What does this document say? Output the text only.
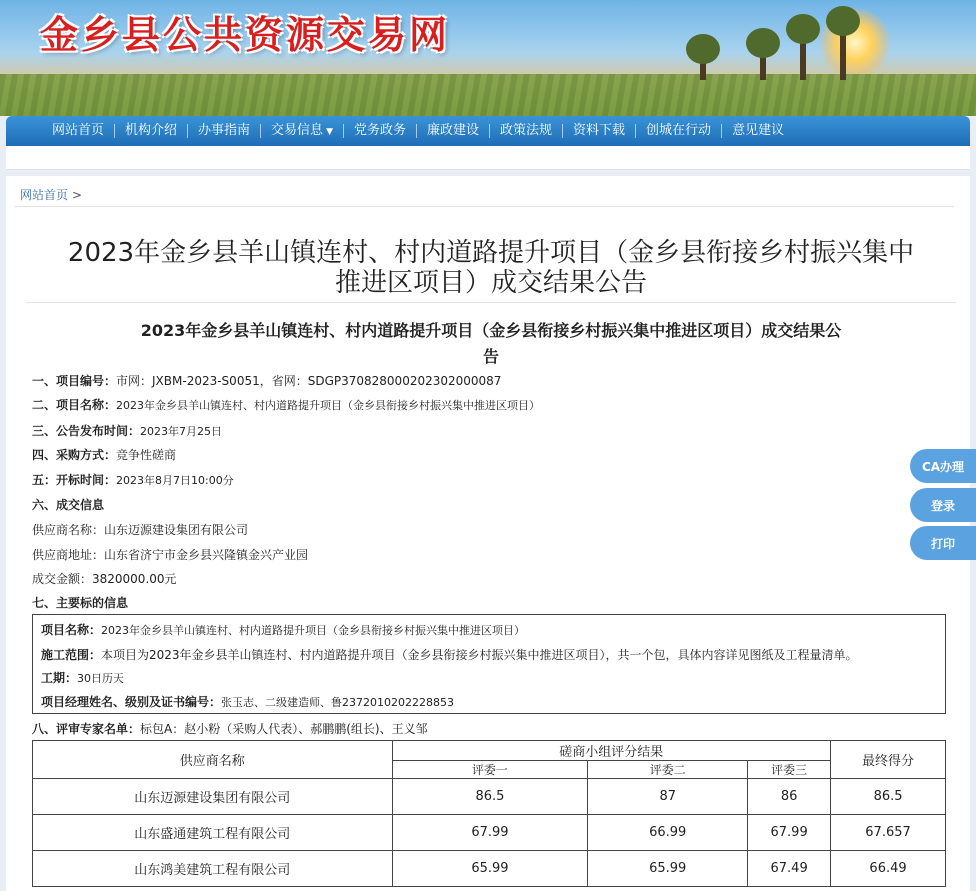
金乡县公共资源交易网
网站首页	机构介绍	办事指南	交易信息 ▼	党务政务	廉政建设	政策法规	资料下载	创城在行动	意见建议
网站首页 >
2023年金乡县羊山镇连村、村内道路提升项目（金乡县衔接乡村振兴集中
推进区项目）成交结果公告
2023年金乡县羊山镇连村、村内道路提升项目（金乡县衔接乡村振兴集中推进区项目）成交结果公
告
一、项目编号：市网：JXBM-2023-S0051，省网：SDGP370828000202302000087
二、项目名称：2023年金乡县羊山镇连村、村内道路提升项目（金乡县衔接乡村振兴集中推进区项目）
三、公告发布时间：2023年7月25日
四、采购方式：竞争性磋商
五：开标时间：2023年8月7日10:00分
六、成交信息
供应商名称：山东迈源建设集团有限公司
供应商地址：山东省济宁市金乡县兴隆镇金兴产业园
成交金额：3820000.00元
七、主要标的信息
项目名称：2023年金乡县羊山镇连村、村内道路提升项目（金乡县衔接乡村振兴集中推进区项目）
施工范围：本项目为2023年金乡县羊山镇连村、村内道路提升项目（金乡县衔接乡村振兴集中推进区项目），共一个包，具体内容详见图纸及工程量清单。
工期：30日历天
项目经理姓名、级别及证书编号：张玉志、二级建造师、鲁2372010202228853
八、评审专家名单：标包A：赵小粉（采购人代表）、郝鹏鹏(组长)、王义邹
供应商名称	磋商小组评分结果			最终得分
	评委一	评委二	评委三	
山东迈源建设集团有限公司	86.5	87	86	86.5
山东盛通建筑工程有限公司	67.99	66.99	67.99	67.657
山东鸿美建筑工程有限公司	65.99	65.99	67.49	66.49
CA办理
登录
打印
